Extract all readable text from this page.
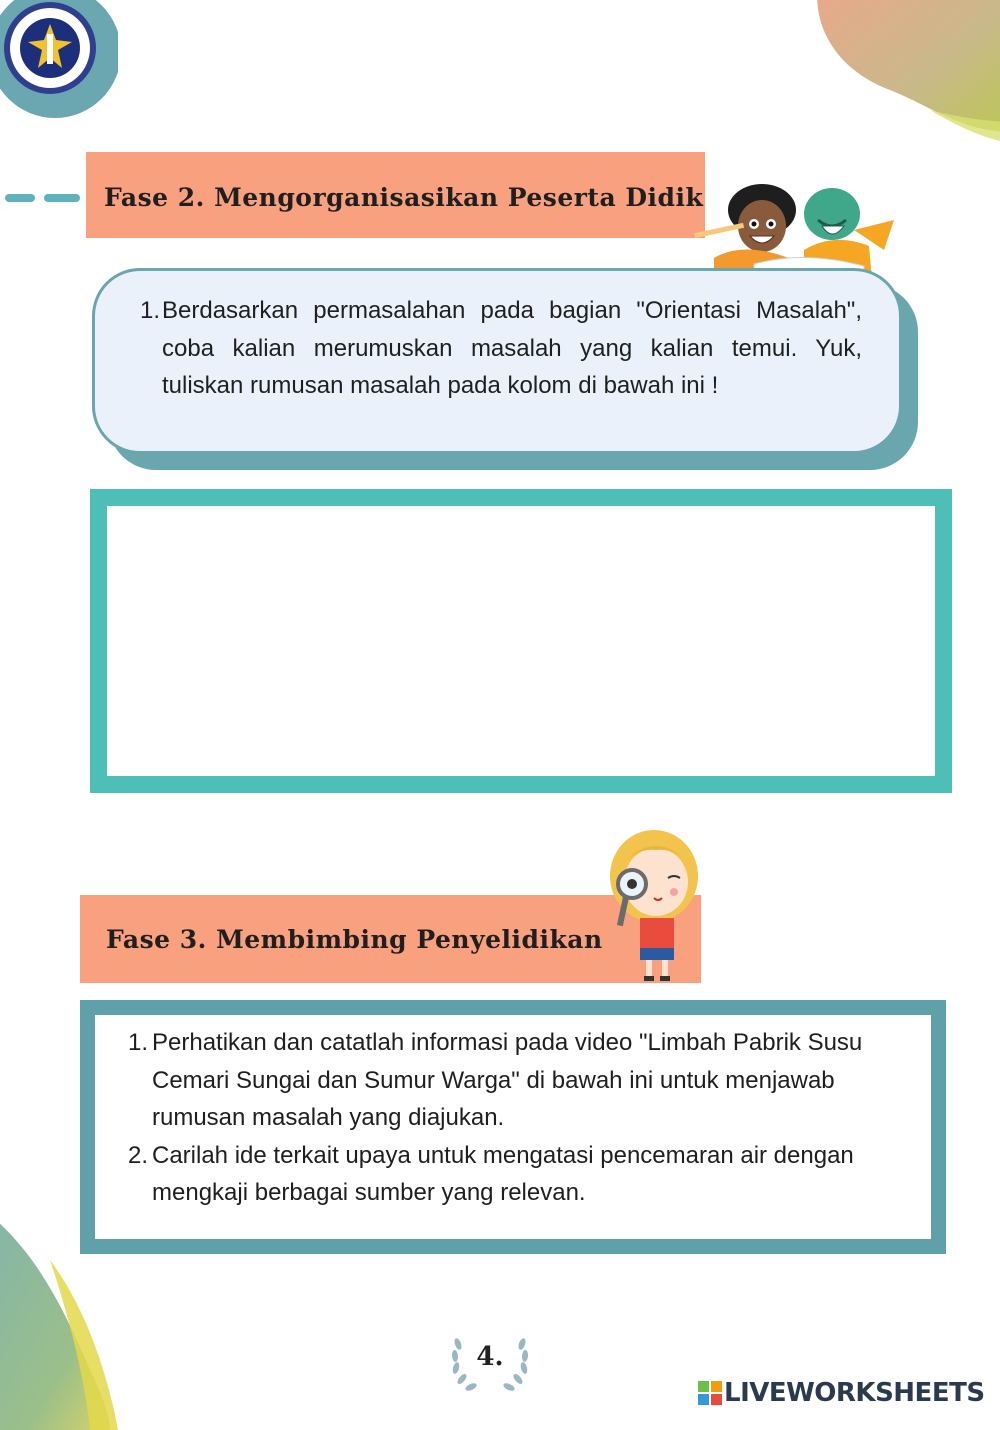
Fase 2. Mengorganisasikan Peserta Didik
1. Berdasarkan permasalahan pada bagian "Orientasi Masalah", coba kalian merumuskan masalah yang kalian temui. Yuk, tuliskan rumusan masalah pada kolom di bawah ini !
Fase 3. Membimbing Penyelidikan
1. Perhatikan dan catatlah informasi pada video "Limbah Pabrik Susu Cemari Sungai dan Sumur Warga" di bawah ini untuk menjawab rumusan masalah yang diajukan.
2. Carilah ide terkait upaya untuk mengatasi pencemaran air dengan mengkaji berbagai sumber yang relevan.
4.
LIVEWORKSHEETS
